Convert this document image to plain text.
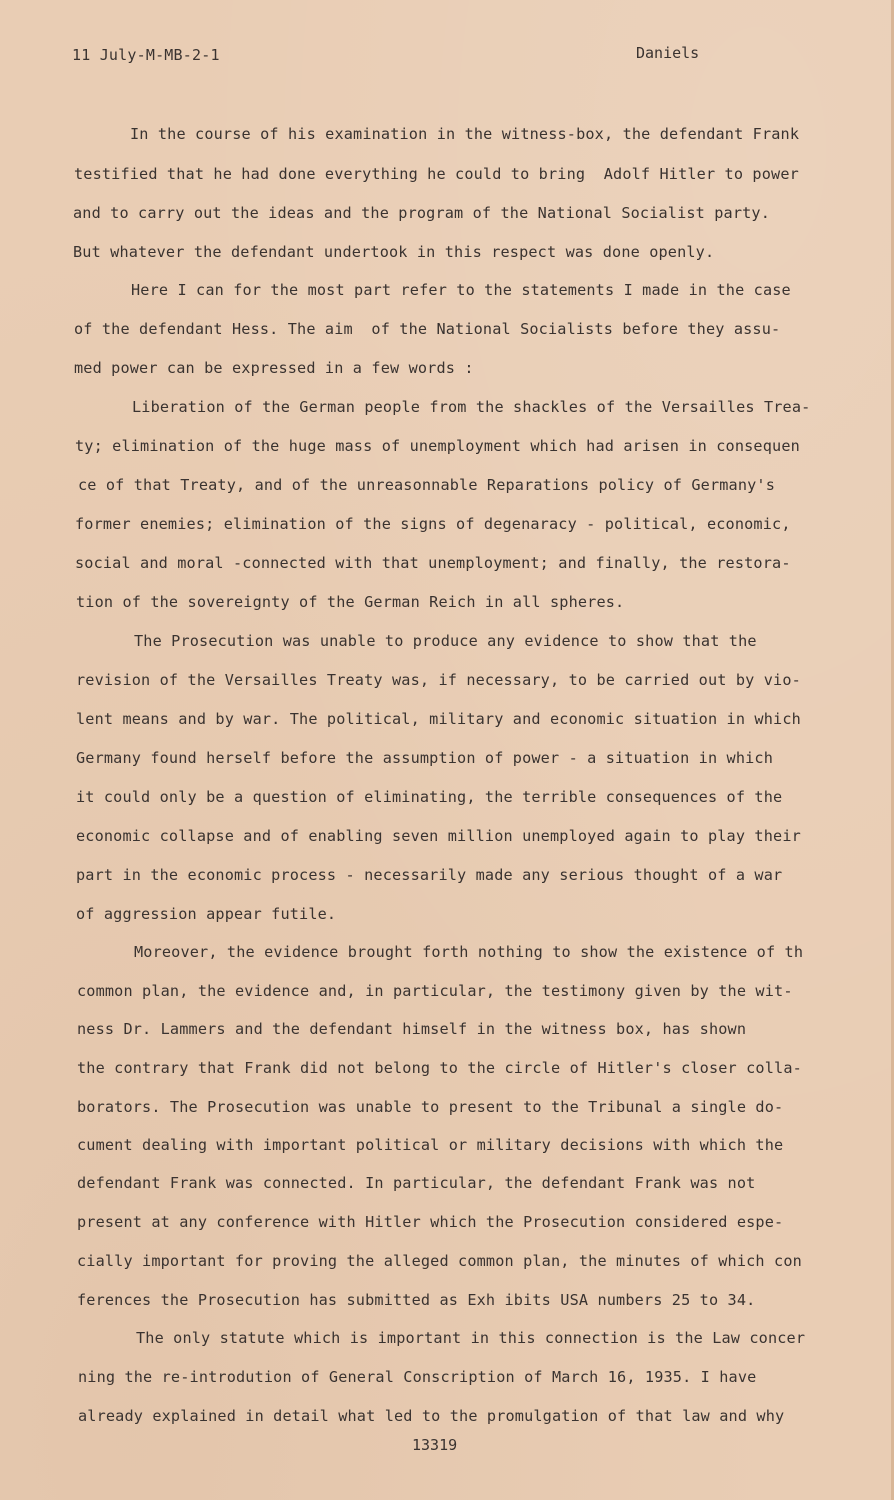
11 July-M-MB-2-1	Daniels
In the course of his examination in the witness-box, the defendant Frank
testified that he had done everything he could to bring  Adolf Hitler to power
and to carry out the ideas and the program of the National Socialist party.
But whatever the defendant undertook in this respect was done openly.
Here I can for the most part refer to the statements I made in the case
of the defendant Hess. The aim  of the National Socialists before they assu-
med power can be expressed in a few words :
Liberation of the German people from the shackles of the Versailles Trea-
ty; elimination of the huge mass of unemployment which had arisen in consequen
ce of that Treaty, and of the unreasonnable Reparations policy of Germany's
former enemies; elimination of the signs of degenaracy - political, economic,
social and moral -connected with that unemployment; and finally, the restora-
tion of the sovereignty of the German Reich in all spheres.
The Prosecution was unable to produce any evidence to show that the
revision of the Versailles Treaty was, if necessary, to be carried out by vio-
lent means and by war. The political, military and economic situation in which
Germany found herself before the assumption of power - a situation in which
it could only be a question of eliminating, the terrible consequences of the
economic collapse and of enabling seven million unemployed again to play their
part in the economic process - necessarily made any serious thought of a war
of aggression appear futile.
Moreover, the evidence brought forth nothing to show the existence of th
common plan, the evidence and, in particular, the testimony given by the wit-
ness Dr. Lammers and the defendant himself in the witness box, has shown
the contrary that Frank did not belong to the circle of Hitler's closer colla-
borators. The Prosecution was unable to present to the Tribunal a single do-
cument dealing with important political or military decisions with which the
defendant Frank was connected. In particular, the defendant Frank was not
present at any conference with Hitler which the Prosecution considered espe-
cially important for proving the alleged common plan, the minutes of which con
ferences the Prosecution has submitted as Exh ibits USA numbers 25 to 34.
The only statute which is important in this connection is the Law concer
ning the re-introdution of General Conscription of March 16, 1935. I have
already explained in detail what led to the promulgation of that law and why
13319
